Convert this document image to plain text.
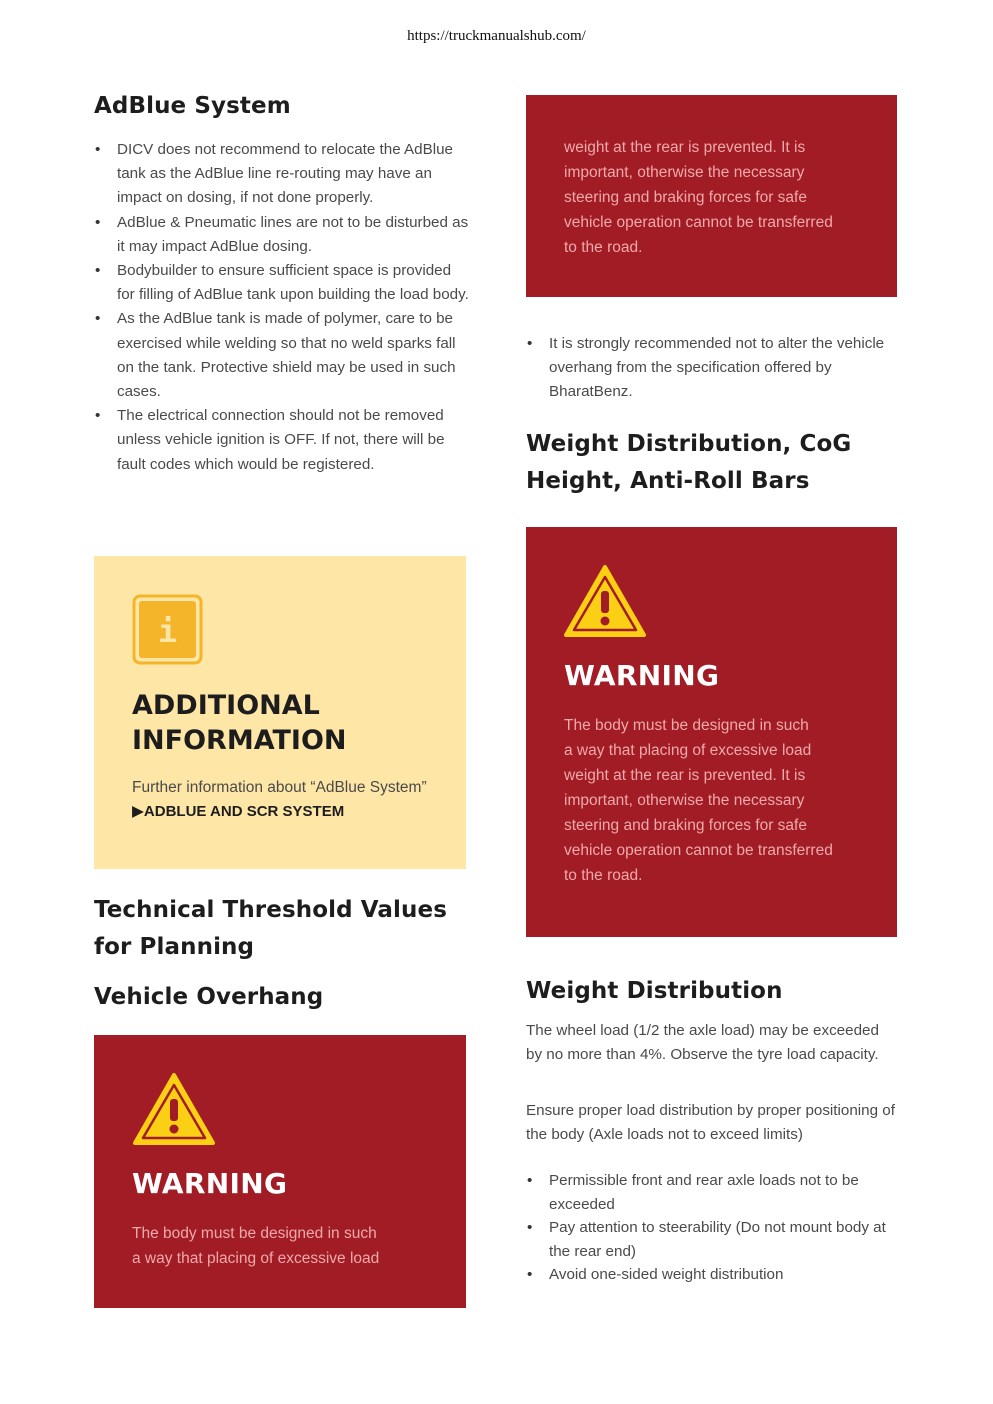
https://truckmanualshub.com/
AdBlue System
• DICV does not recommend to relocate the AdBlue tank as the AdBlue line re-routing may have an impact on dosing, if not done properly.
• AdBlue & Pneumatic lines are not to be disturbed as it may impact AdBlue dosing.
• Bodybuilder to ensure sufficient space is provided for filling of AdBlue tank upon building the load body.
• As the AdBlue tank is made of polymer, care to be exercised while welding so that no weld sparks fall on the tank. Protective shield may be used in such cases.
• The electrical connection should not be removed unless vehicle ignition is OFF. If not, there will be fault codes which would be registered.
i
ADDITIONAL
INFORMATION
Further information about “AdBlue System” ▶ADBLUE AND SCR SYSTEM
Technical Threshold Values
for Planning
Vehicle Overhang
WARNING
The body must be designed in such
a way that placing of excessive load
weight at the rear is prevented. It is
important, otherwise the necessary
steering and braking forces for safe
vehicle operation cannot be transferred
to the road.
• It is strongly recommended not to alter the vehicle overhang from the specification offered by BharatBenz.
Weight Distribution, CoG
Height, Anti-Roll Bars
WARNING
The body must be designed in such
a way that placing of excessive load
weight at the rear is prevented. It is
important, otherwise the necessary
steering and braking forces for safe
vehicle operation cannot be transferred
to the road.
Weight Distribution

The wheel load (1/2 the axle load) may be exceeded by no more than 4%. Observe the tyre load capacity.

Ensure proper load distribution by proper positioning of the body (Axle loads not to exceed limits)

• Permissible front and rear axle loads not to be exceeded
• Pay attention to steerability (Do not mount body at the rear end)
• Avoid one-sided weight distribution
